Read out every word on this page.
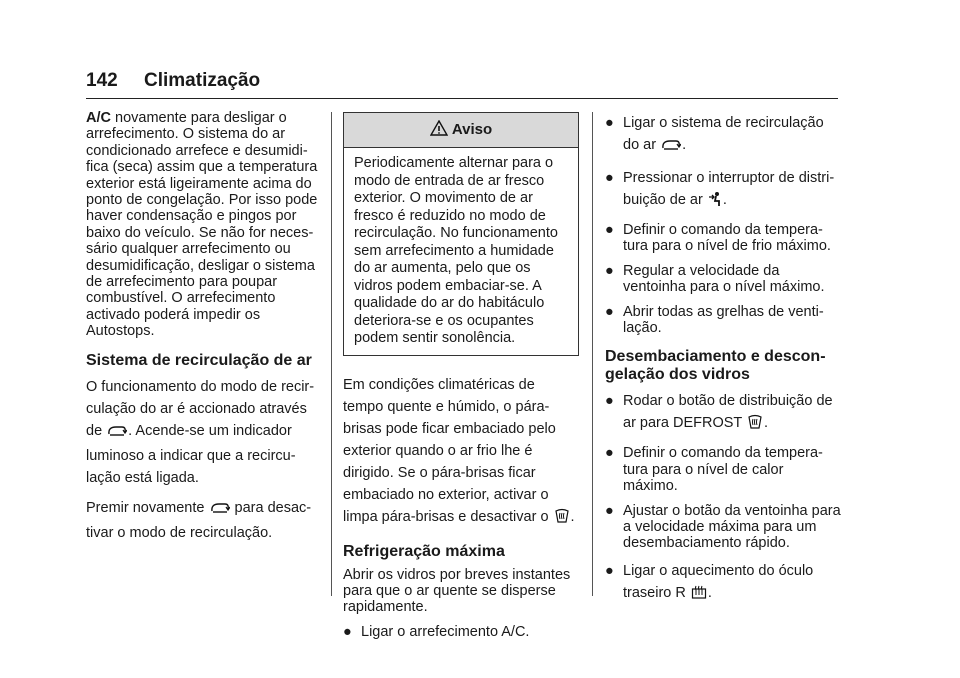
142 Climatização

A/C novamente para desligar o arrefecimento. O sistema do ar condicionado arrefece e desumidi-fica (seca) assim que a temperatura exterior está ligeiramente acima do ponto de congelação. Por isso pode haver condensação e pingos por baixo do veículo. Se não for neces-sário qualquer arrefecimento ou desumidificação, desligar o sistema de arrefecimento para poupar combustível. O arrefecimento activado poderá impedir os Autostops.

Sistema de recirculação de ar

O funcionamento do modo de recir-culação do ar é accionado através de . Acende-se um indicador luminoso a indicar que a recircu-lação está ligada.

Premir novamente  para desac-tivar o modo de recirculação.

Aviso
Periodicamente alternar para o modo de entrada de ar fresco exterior. O movimento de ar fresco é reduzido no modo de recirculação. No funcionamento sem arrefecimento a humidade do ar aumenta, pelo que os vidros podem embaciar-se. A qualidade do ar do habitáculo deteriora-se e os ocupantes podem sentir sonolência.

Em condições climatéricas de tempo quente e húmido, o pára-brisas pode ficar embaciado pelo exterior quando o ar frio lhe é dirigido. Se o pára-brisas ficar embaciado no exterior, activar o limpa pára-brisas e desactivar o .

Refrigeração máxima

Abrir os vidros por breves instantes para que o ar quente se disperse rapidamente.

● Ligar o arrefecimento A/C.
● Ligar o sistema de recirculação do ar .
● Pressionar o interruptor de distri-buição de ar .
● Definir o comando da tempera-tura para o nível de frio máximo.
● Regular a velocidade da ventoinha para o nível máximo.
● Abrir todas as grelhas de venti-lação.
Desembaciamento e descon-gelação dos vidros
● Rodar o botão de distribuição de ar para DEFROST .
● Definir o comando da tempera-tura para o nível de calor máximo.
● Ajustar o botão da ventoinha para a velocidade máxima para um desembaciamento rápido.
● Ligar o aquecimento do óculo traseiro R .
